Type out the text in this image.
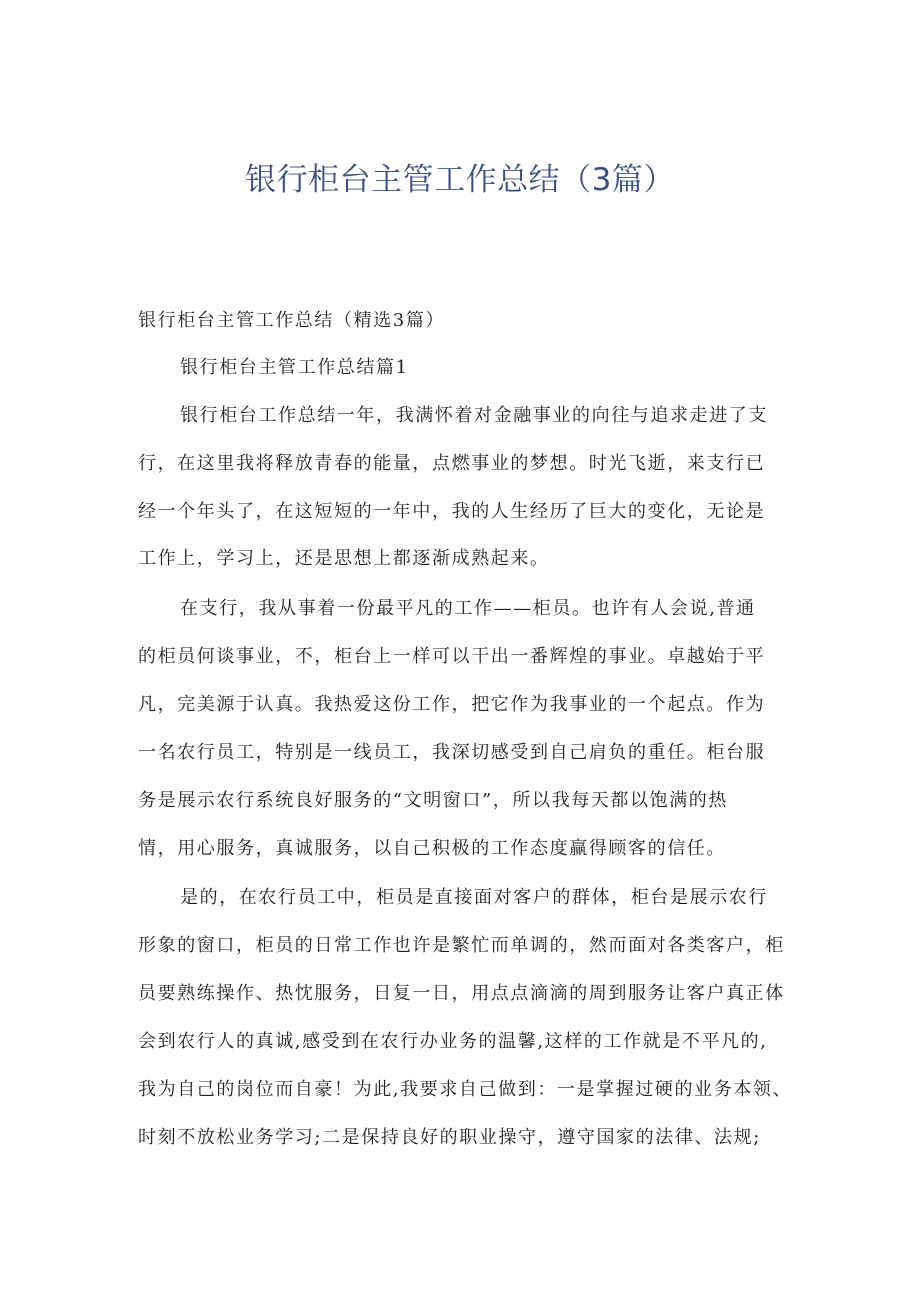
银行柜台主管工作总结（3篇）

银行柜台主管工作总结（精选3篇）

银行柜台主管工作总结篇1

银行柜台工作总结一年，我满怀着对金融事业的向往与追求走进了支

行，在这里我将释放青春的能量，点燃事业的梦想。时光飞逝，来支行已

经一个年头了，在这短短的一年中，我的人生经历了巨大的变化，无论是

工作上，学习上，还是思想上都逐渐成熟起来。

在支行，我从事着一份最平凡的工作——柜员。也许有人会说,普通

的柜员何谈事业，不，柜台上一样可以干出一番辉煌的事业。卓越始于平

凡，完美源于认真。我热爱这份工作，把它作为我事业的一个起点。作为

一名农行员工，特别是一线员工，我深切感受到自己肩负的重任。柜台服

务是展示农行系统良好服务的“文明窗口”，所以我每天都以饱满的热

情，用心服务，真诚服务，以自己积极的工作态度赢得顾客的信任。

是的，在农行员工中，柜员是直接面对客户的群体，柜台是展示农行

形象的窗口，柜员的日常工作也许是繁忙而单调的，然而面对各类客户，柜

员要熟练操作、热忱服务，日复一日，用点点滴滴的周到服务让客户真正体

会到农行人的真诚,感受到在农行办业务的温馨,这样的工作就是不平凡的,

我为自己的岗位而自豪！为此,我要求自己做到：一是掌握过硬的业务本领、

时刻不放松业务学习;二是保持良好的职业操守，遵守国家的法律、法规;
